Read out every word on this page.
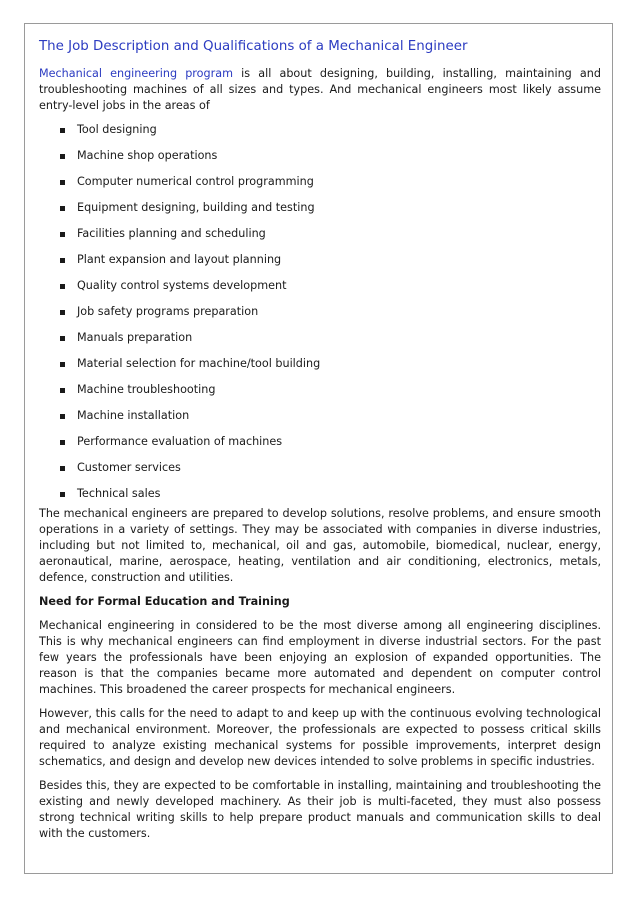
The Job Description and Qualifications of a Mechanical Engineer

Mechanical engineering program is all about designing, building, installing, maintaining and troubleshooting machines of all sizes and types. And mechanical engineers most likely assume entry-level jobs in the areas of

Tool designing
Machine shop operations
Computer numerical control programming
Equipment designing, building and testing
Facilities planning and scheduling
Plant expansion and layout planning
Quality control systems development
Job safety programs preparation
Manuals preparation
Material selection for machine/tool building
Machine troubleshooting
Machine installation
Performance evaluation of machines
Customer services
Technical sales

The mechanical engineers are prepared to develop solutions, resolve problems, and ensure smooth operations in a variety of settings. They may be associated with companies in diverse industries, including but not limited to, mechanical, oil and gas, automobile, biomedical, nuclear, energy, aeronautical, marine, aerospace, heating, ventilation and air conditioning, electronics, metals, defence, construction and utilities.

Need for Formal Education and Training

Mechanical engineering in considered to be the most diverse among all engineering disciplines. This is why mechanical engineers can find employment in diverse industrial sectors. For the past few years the professionals have been enjoying an explosion of expanded opportunities. The reason is that the companies became more automated and dependent on computer control machines. This broadened the career prospects for mechanical engineers.

However, this calls for the need to adapt to and keep up with the continuous evolving technological and mechanical environment. Moreover, the professionals are expected to possess critical skills required to analyze existing mechanical systems for possible improvements, interpret design schematics, and design and develop new devices intended to solve problems in specific industries.

Besides this, they are expected to be comfortable in installing, maintaining and troubleshooting the existing and newly developed machinery. As their job is multi-faceted, they must also possess strong technical writing skills to help prepare product manuals and communication skills to deal with the customers.
